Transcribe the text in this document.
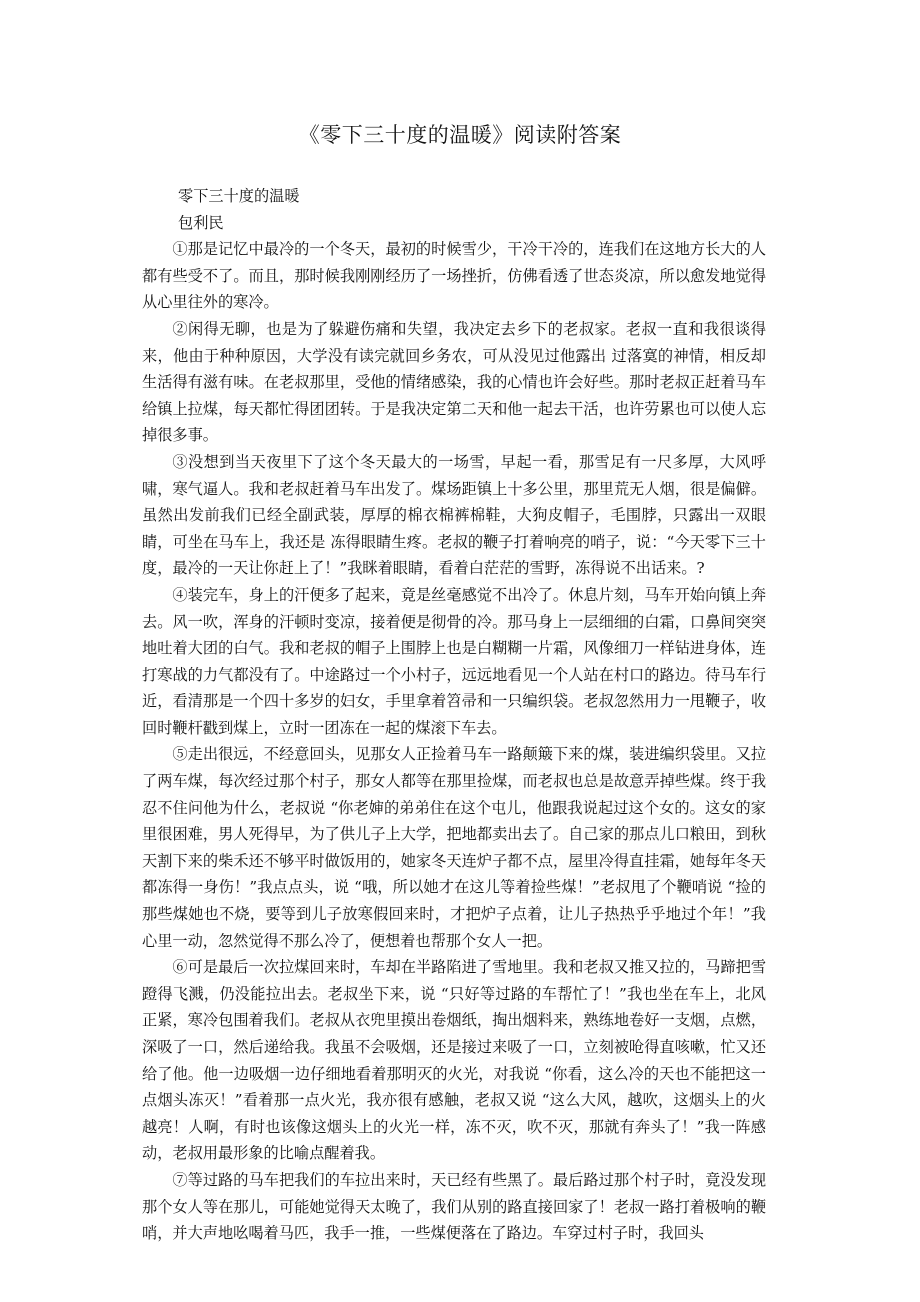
《零下三十度的温暖》阅读附答案

零下三十度的温暖

包利民

①那是记忆中最冷的一个冬天，最初的时候雪少，干冷干冷的，连我们在这地方长大的人都有些受不了。而且，那时候我刚刚经历了一场挫折，仿佛看透了世态炎凉，所以愈发地觉得从心里往外的寒冷。

②闲得无聊，也是为了躲避伤痛和失望，我决定去乡下的老叔家。老叔一直和我很谈得来，他由于种种原因，大学没有读完就回乡务农，可从没见过他露出 过落寞的神情，相反却生活得有滋有味。在老叔那里，受他的情绪感染，我的心情也许会好些。那时老叔正赶着马车给镇上拉煤，每天都忙得团团转。于是我决定第二天和他一起去干活，也许劳累也可以使人忘掉很多事。

③没想到当天夜里下了这个冬天最大的一场雪，早起一看，那雪足有一尺多厚，大风呼啸，寒气逼人。我和老叔赶着马车出发了。煤场距镇上十多公里，那里荒无人烟，很是偏僻。虽然出发前我们已经全副武装，厚厚的棉衣棉裤棉鞋，大狗皮帽子，毛围脖，只露出一双眼睛，可坐在马车上，我还是 冻得眼睛生疼。老叔的鞭子打着响亮的哨子，说：“今天零下三十度，最冷的一天让你赶上了！”我眯着眼睛，看着白茫茫的雪野，冻得说不出话来。?

④装完车，身上的汗便多了起来，竟是丝毫感觉不出冷了。休息片刻，马车开始向镇上奔去。风一吹，浑身的汗顿时变凉，接着便是彻骨的冷。那马身上一层细细的白霜，口鼻间突突地吐着大团的白气。我和老叔的帽子上围脖上也是白糊糊一片霜，风像细刀一样钻进身体，连打寒战的力气都没有了。中途路过一个小村子，远远地看见一个人站在村口的路边。待马车行近，看清那是一个四十多岁的妇女，手里拿着笤帚和一只编织袋。老叔忽然用力一甩鞭子，收回时鞭杆戳到煤上，立时一团冻在一起的煤滚下车去。

⑤走出很远，不经意回头，见那女人正捡着马车一路颠簸下来的煤，装进编织袋里。又拉了两车煤，每次经过那个村子，那女人都等在那里捡煤，而老叔也总是故意弄掉些煤。终于我忍不住问他为什么，老叔说 “你老婶的弟弟住在这个屯儿，他跟我说起过这个女的。这女的家里很困难，男人死得早，为了供儿子上大学，把地都卖出去了。自己家的那点儿口粮田，到秋天割下来的柴禾还不够平时做饭用的，她家冬天连炉子都不点，屋里冷得直挂霜，她每年冬天都冻得一身伤！”我点点头，说 “哦，所以她才在这儿等着捡些煤！”老叔甩了个鞭哨说 “捡的那些煤她也不烧，要等到儿子放寒假回来时，才把炉子点着，让儿子热热乎乎地过个年！”我心里一动，忽然觉得不那么冷了，便想着也帮那个女人一把。

⑥可是最后一次拉煤回来时，车却在半路陷进了雪地里。我和老叔又推又拉的，马蹄把雪蹬得飞溅，仍没能拉出去。老叔坐下来，说 “只好等过路的车帮忙了！”我也坐在车上，北风正紧，寒冷包围着我们。老叔从衣兜里摸出卷烟纸，掏出烟料来，熟练地卷好一支烟，点燃，深吸了一口，然后递给我。我虽不会吸烟，还是接过来吸了一口，立刻被呛得直咳嗽，忙又还给了他。他一边吸烟一边仔细地看着那明灭的火光，对我说 “你看，这么冷的天也不能把这一点烟头冻灭！”看着那一点火光，我亦很有感触，老叔又说 “这么大风，越吹，这烟头上的火越亮！人啊，有时也该像这烟头上的火光一样，冻不灭，吹不灭，那就有奔头了！”我一阵感动，老叔用最形象的比喻点醒着我。

⑦等过路的马车把我们的车拉出来时，天已经有些黑了。最后路过那个村子时，竟没发现那个女人等在那儿，可能她觉得天太晚了，我们从别的路直接回家了！老叔一路打着极响的鞭哨，并大声地吆喝着马匹，我手一推，一些煤便落在了路边。车穿过村子时，我回头
